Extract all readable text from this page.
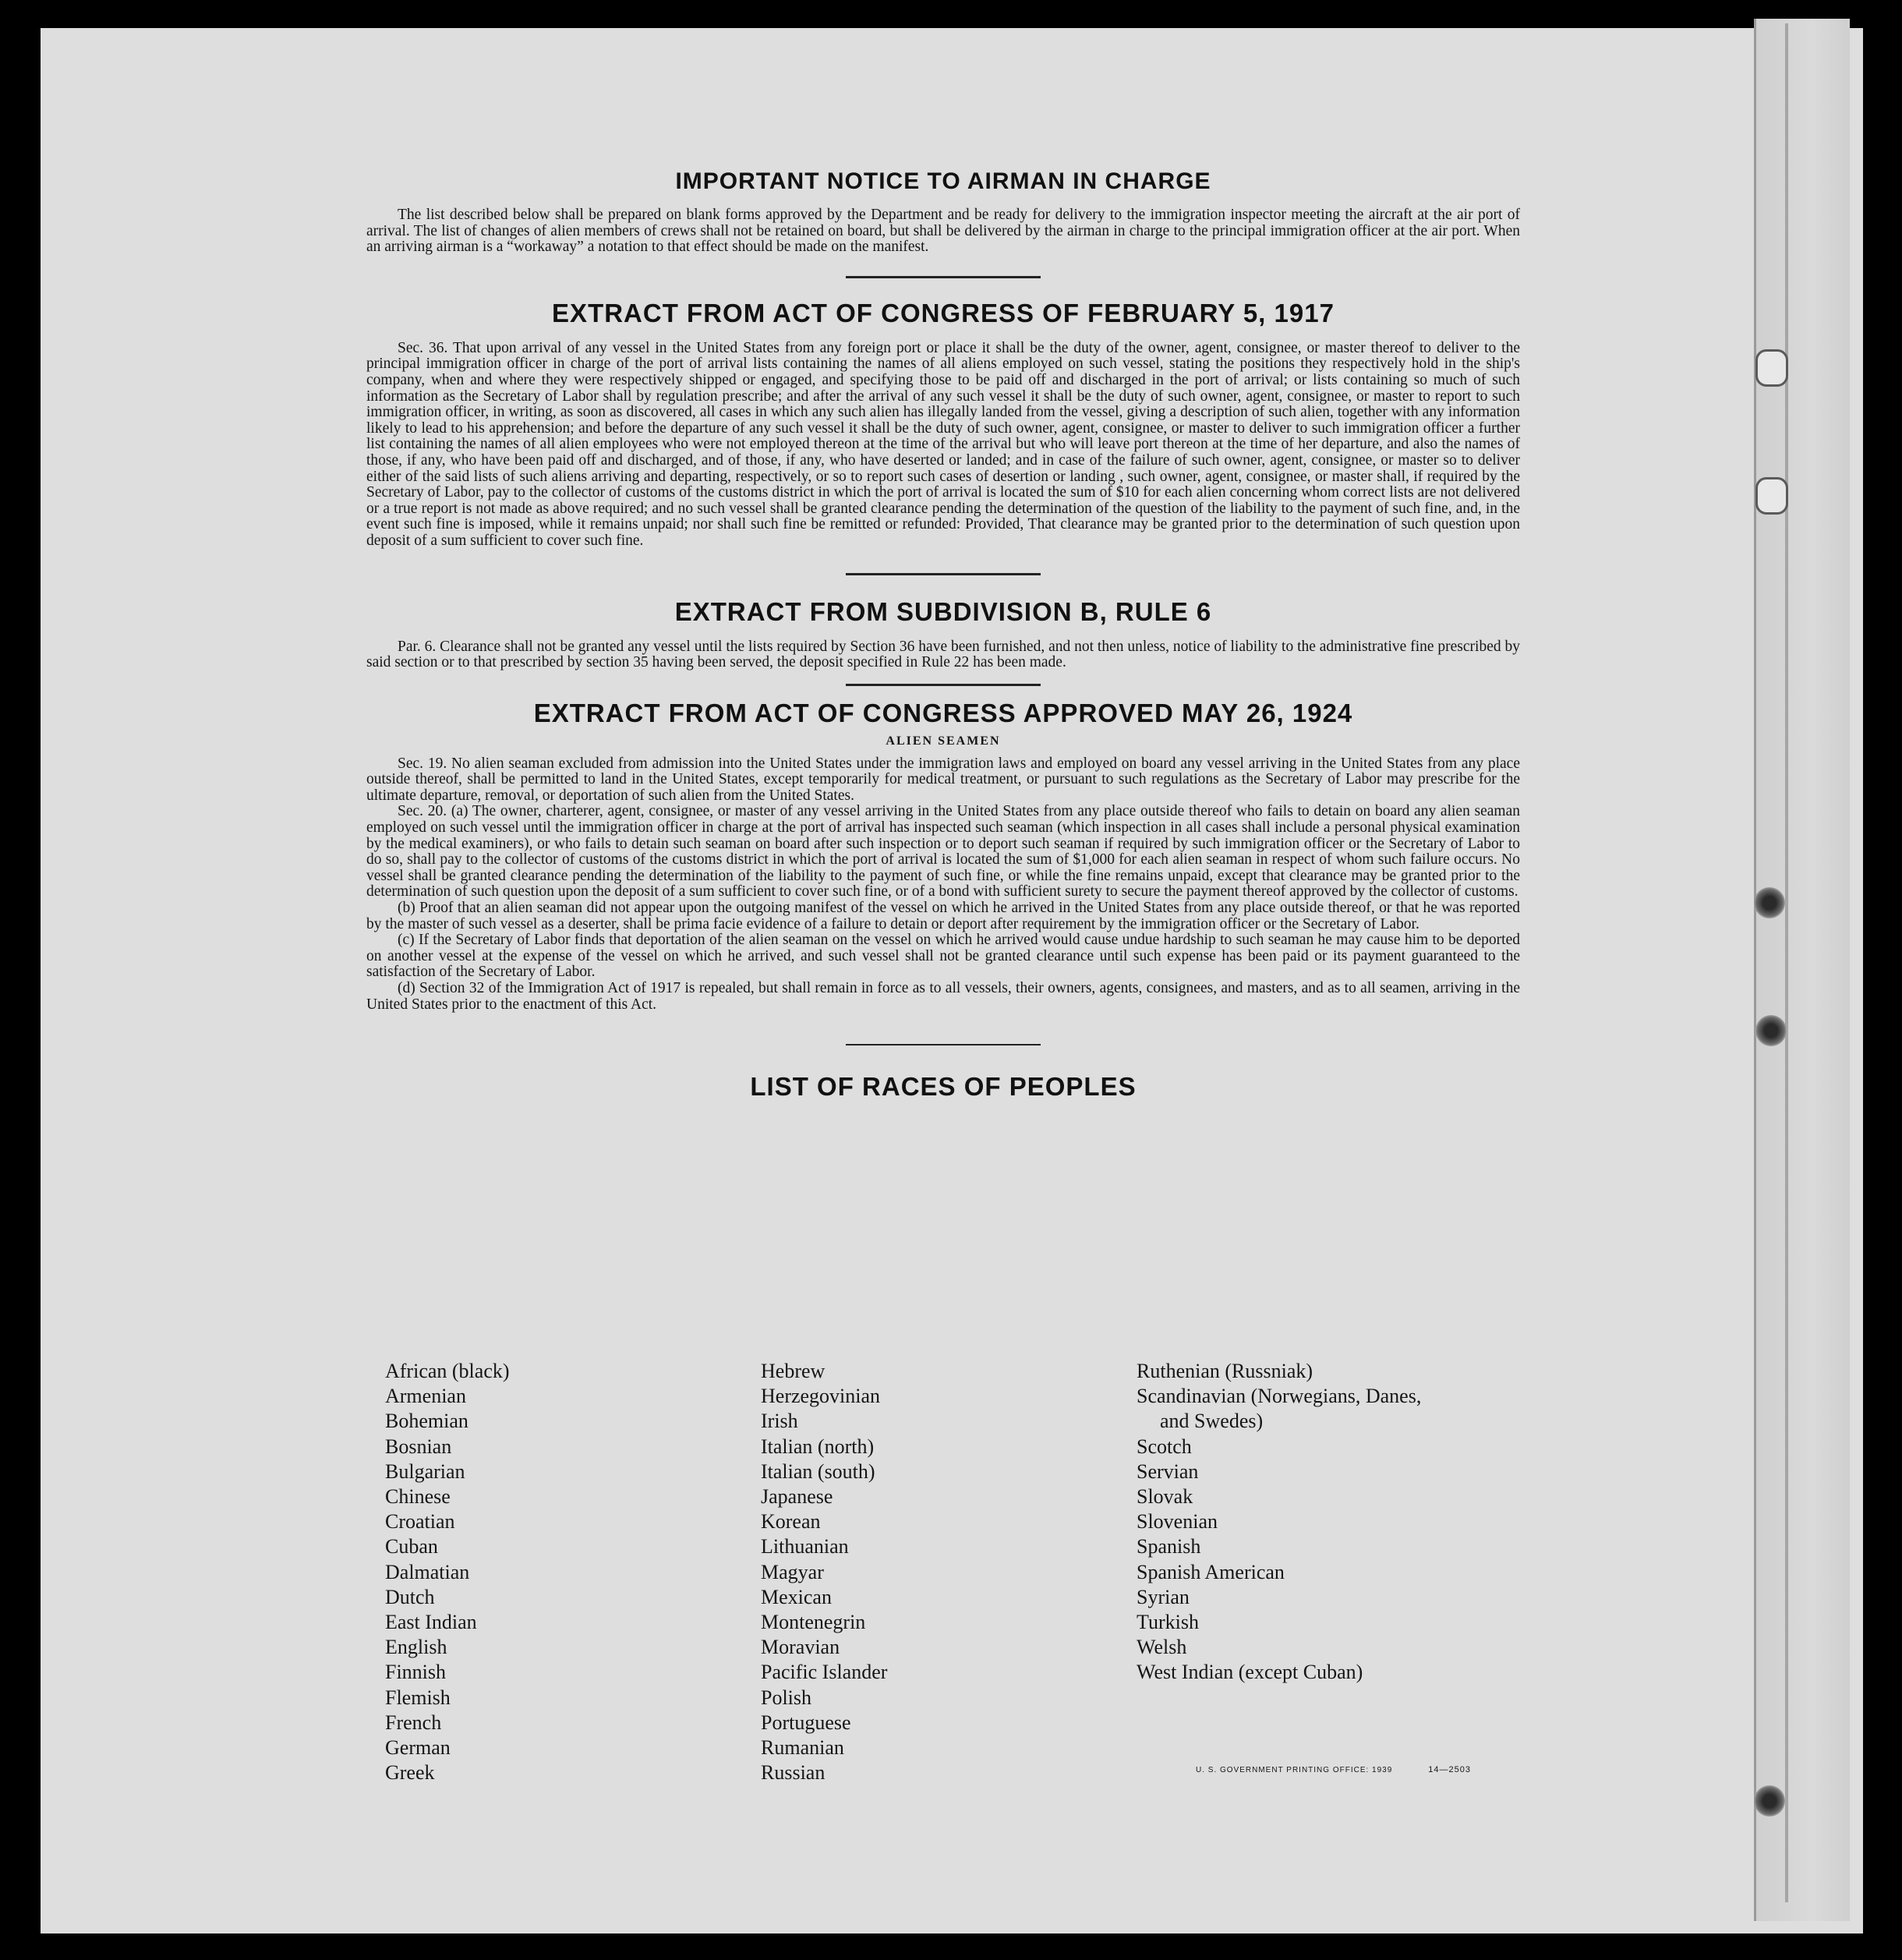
IMPORTANT NOTICE TO AIRMAN IN CHARGE

The list described below shall be prepared on blank forms approved by the Department and be ready for delivery to the immigration inspector meeting the aircraft at the air port of arrival. The list of changes of alien members of crews shall not be retained on board, but shall be delivered by the airman in charge to the principal immigration officer at the air port. When an arriving airman is a “workaway” a notation to that effect should be made on the manifest.

EXTRACT FROM ACT OF CONGRESS OF FEBRUARY 5, 1917

Sec. 36. That upon arrival of any vessel in the United States from any foreign port or place it shall be the duty of the owner, agent, consignee, or master thereof to deliver to the principal immigration officer in charge of the port of arrival lists containing the names of all aliens employed on such vessel, stating the positions they respectively hold in the ship's company, when and where they were respectively shipped or engaged, and specifying those to be paid off and discharged in the port of arrival; or lists containing so much of such information as the Secretary of Labor shall by regulation prescribe; and after the arrival of any such vessel it shall be the duty of such owner, agent, consignee, or master to report to such immigration officer, in writing, as soon as discovered, all cases in which any such alien has illegally landed from the vessel, giving a description of such alien, together with any information likely to lead to his apprehension; and before the departure of any such vessel it shall be the duty of such owner, agent, consignee, or master to deliver to such immigration officer a further list containing the names of all alien employees who were not employed thereon at the time of the arrival but who will leave port thereon at the time of her departure, and also the names of those, if any, who have been paid off and discharged, and of those, if any, who have deserted or landed; and in case of the failure of such owner, agent, consignee, or master so to deliver either of the said lists of such aliens arriving and departing, respectively, or so to report such cases of desertion or landing , such owner, agent, consignee, or master shall, if required by the Secretary of Labor, pay to the collector of customs of the customs district in which the port of arrival is located the sum of $10 for each alien concerning whom correct lists are not delivered or a true report is not made as above required; and no such vessel shall be granted clearance pending the determination of the question of the liability to the payment of such fine, and, in the event such fine is imposed, while it remains unpaid; nor shall such fine be remitted or refunded: Provided, That clearance may be granted prior to the determination of such question upon deposit of a sum sufficient to cover such fine.

EXTRACT FROM SUBDIVISION B, RULE 6

Par. 6. Clearance shall not be granted any vessel until the lists required by Section 36 have been furnished, and not then unless, notice of liability to the administrative fine prescribed by said section or to that prescribed by section 35 having been served, the deposit specified in Rule 22 has been made.

EXTRACT FROM ACT OF CONGRESS APPROVED MAY 26, 1924
ALIEN SEAMEN

Sec. 19. No alien seaman excluded from admission into the United States under the immigration laws and employed on board any vessel arriving in the United States from any place outside thereof, shall be permitted to land in the United States, except temporarily for medical treatment, or pursuant to such regulations as the Secretary of Labor may prescribe for the ultimate departure, removal, or deportation of such alien from the United States.

Sec. 20. (a) The owner, charterer, agent, consignee, or master of any vessel arriving in the United States from any place outside thereof who fails to detain on board any alien seaman employed on such vessel until the immigration officer in charge at the port of arrival has inspected such seaman (which inspection in all cases shall include a personal physical examination by the medical examiners), or who fails to detain such seaman on board after such inspection or to deport such seaman if required by such immigration officer or the Secretary of Labor to do so, shall pay to the collector of customs of the customs district in which the port of arrival is located the sum of $1,000 for each alien seaman in respect of whom such failure occurs. No vessel shall be granted clearance pending the determination of the liability to the payment of such fine, or while the fine remains unpaid, except that clearance may be granted prior to the determination of such question upon the deposit of a sum sufficient to cover such fine, or of a bond with sufficient surety to secure the payment thereof approved by the collector of customs.

(b) Proof that an alien seaman did not appear upon the outgoing manifest of the vessel on which he arrived in the United States from any place outside thereof, or that he was reported by the master of such vessel as a deserter, shall be prima facie evidence of a failure to detain or deport after requirement by the immigration officer or the Secretary of Labor.

(c) If the Secretary of Labor finds that deportation of the alien seaman on the vessel on which he arrived would cause undue hardship to such seaman he may cause him to be deported on another vessel at the expense of the vessel on which he arrived, and such vessel shall not be granted clearance until such expense has been paid or its payment guaranteed to the satisfaction of the Secretary of Labor.

(d) Section 32 of the Immigration Act of 1917 is repealed, but shall remain in force as to all vessels, their owners, agents, consignees, and masters, and as to all seamen, arriving in the United States prior to the enactment of this Act.

LIST OF RACES OF PEOPLES
African (black)
Armenian
Bohemian
Bosnian
Bulgarian
Chinese
Croatian
Cuban
Dalmatian
Dutch
East Indian
English
Finnish
Flemish
French
German
Greek
Hebrew
Herzegovinian
Irish
Italian (north)
Italian (south)
Japanese
Korean
Lithuanian
Magyar
Mexican
Montenegrin
Moravian
Pacific Islander
Polish
Portuguese
Rumanian
Russian
Ruthenian (Russniak)
Scandinavian (Norwegians, Danes,
and Swedes)
Scotch
Servian
Slovak
Slovenian
Spanish
Spanish American
Syrian
Turkish
Welsh
West Indian (except Cuban)
U. S. GOVERNMENT PRINTING OFFICE: 1939	14—2503
